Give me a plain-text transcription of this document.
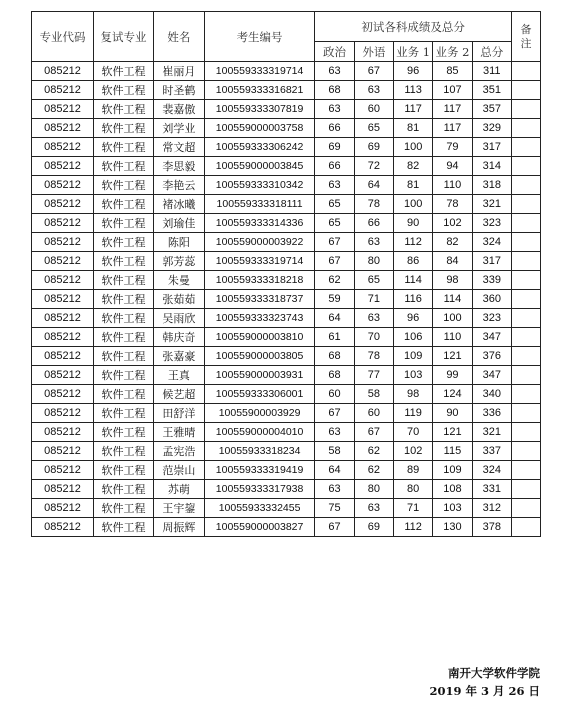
专业代码	复试专业	姓名	考生编号	初试各科成绩及总分					备
注
				政治	外语	业务 1	业务 2	总分	
085212	软件工程	崔丽月	100559333319714	63	67	96	85	311	
085212	软件工程	时圣鹤	100559333316821	68	63	113	107	351	
085212	软件工程	裴嘉傲	100559333307819	63	60	117	117	357	
085212	软件工程	刘学业	100559000003758	66	65	81	117	329	
085212	软件工程	常文超	100559333306242	69	69	100	79	317	
085212	软件工程	李思毅	100559000003845	66	72	82	94	314	
085212	软件工程	李艳云	100559333310342	63	64	81	110	318	
085212	软件工程	褚冰曦	100559333318111	65	78	100	78	321	
085212	软件工程	刘瑜佳	100559333314336	65	66	90	102	323	
085212	软件工程	陈阳	100559000003922	67	63	112	82	324	
085212	软件工程	郭芳蕊	100559333319714	67	80	86	84	317	
085212	软件工程	朱曼	100559333318218	62	65	114	98	339	
085212	软件工程	张茹茹	100559333318737	59	71	116	114	360	
085212	软件工程	吴雨欣	100559333323743	64	63	96	100	323	
085212	软件工程	韩庆奇	100559000003810	61	70	106	110	347	
085212	软件工程	张嘉豪	100559000003805	68	78	109	121	376	
085212	软件工程	王真	100559000003931	68	77	103	99	347	
085212	软件工程	候艺超	100559333306001	60	58	98	124	340	
085212	软件工程	田舒洋	10055900003929	67	60	119	90	336	
085212	软件工程	王雅晴	100559000004010	63	67	70	121	321	
085212	软件工程	孟宪浩	10055933318234	58	62	102	115	337	
085212	软件工程	范崇山	100559333319419	64	62	89	109	324	
085212	软件工程	苏萌	100559333317938	63	80	80	108	331	
085212	软件工程	王宇鋆	10055933332455	75	63	71	103	312	
085212	软件工程	周振辉	100559000003827	67	69	112	130	378	
南开大学软件学院
2019 年 3 月 26 日
